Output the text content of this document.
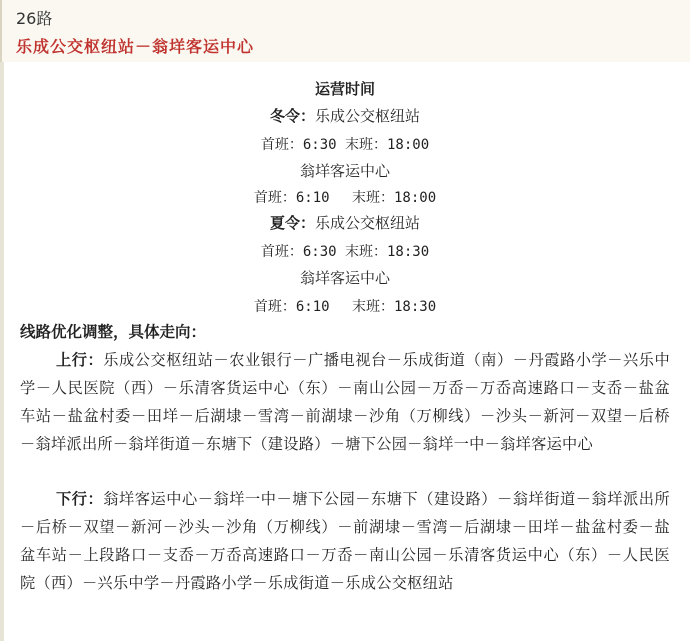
26路
乐成公交枢纽站－翁垟客运中心
运营时间
冬令：乐成公交枢纽站
首班：6:30 末班：18:00
翁垟客运中心
首班：6:10　 末班：18:00
夏令：乐成公交枢纽站
首班：6:30 末班：18:30
翁垟客运中心
首班：6:10　 末班：18:30
线路优化调整，具体走向：
上行：乐成公交枢纽站－农业银行－广播电视台－乐成街道（南）－丹霞路小学－兴乐中学－人民医院（西）－乐清客货运中心（东）－南山公园－万岙－万岙高速路口－支岙－盐盆车站－盐盆村委－田垟－后湖埭－雪湾－前湖埭－沙角（万柳线）－沙头－新河－双望－后桥－翁垟派出所－翁垟街道－东塘下（建设路）－塘下公园－翁垟一中－翁垟客运中心
下行：翁垟客运中心－翁垟一中－塘下公园－东塘下（建设路）－翁垟街道－翁垟派出所－后桥－双望－新河－沙头－沙角（万柳线）－前湖埭－雪湾－后湖埭－田垟－盐盆村委－盐盆车站－上段路口－支岙－万岙高速路口－万岙－南山公园－乐清客货运中心（东）－人民医院（西）－兴乐中学－丹霞路小学－乐成街道－乐成公交枢纽站
